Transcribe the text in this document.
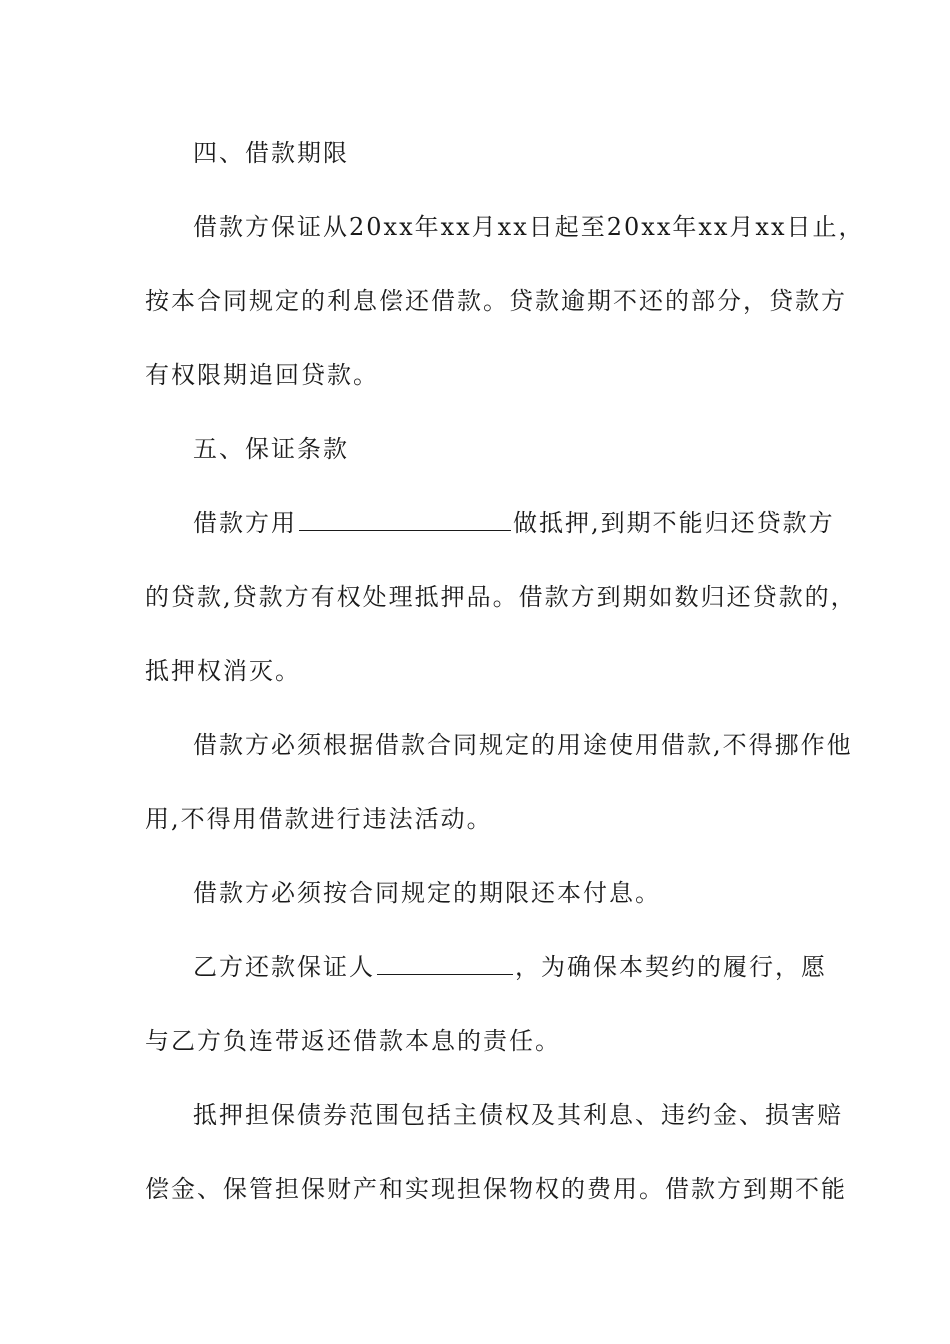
四、借款期限
借款方保证从20xx年xx月xx日起至20xx年xx月xx日止，
按本合同规定的利息偿还借款。贷款逾期不还的部分，贷款方
有权限期追回贷款。
五、保证条款
借款方用	做抵押,到期不能归还贷款方
的贷款,贷款方有权处理抵押品。借款方到期如数归还贷款的，
抵押权消灭。
借款方必须根据借款合同规定的用途使用借款,不得挪作他
用,不得用借款进行违法活动。
借款方必须按合同规定的期限还本付息。
乙方还款保证人	，为确保本契约的履行，愿
与乙方负连带返还借款本息的责任。
抵押担保债券范围包括主债权及其利息、违约金、损害赔
偿金、保管担保财产和实现担保物权的费用。借款方到期不能
